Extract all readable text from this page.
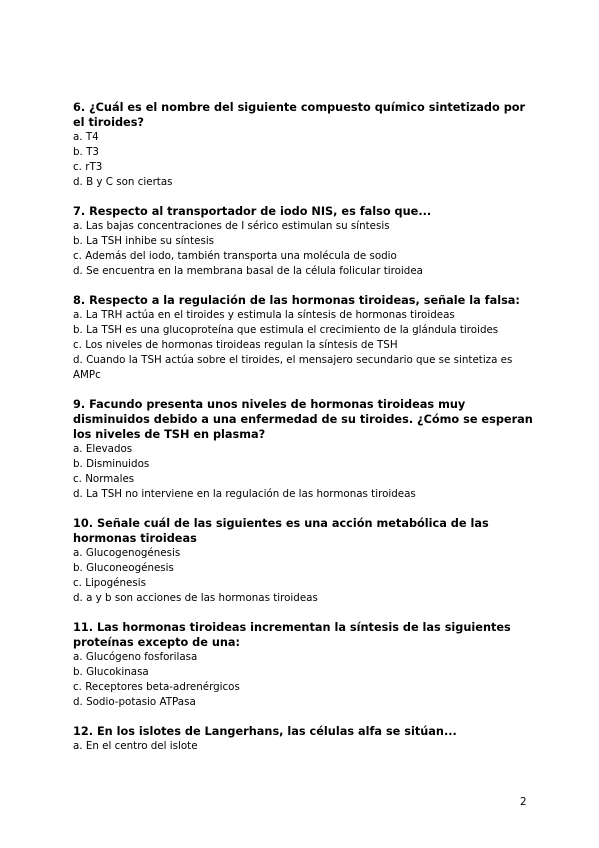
6. ¿Cuál es el nombre del siguiente compuesto químico sintetizado por el tiroides?

a. T4

b. T3

c. rT3

d. B y C son ciertas

7. Respecto al transportador de iodo NIS, es falso que...

a. Las bajas concentraciones de I sérico estimulan su síntesis

b. La TSH inhibe su síntesis

c. Además del iodo, también transporta una molécula de sodio

d. Se encuentra en la membrana basal de la célula folicular tiroidea

8. Respecto a la regulación de las hormonas tiroideas, señale la falsa:

a. La TRH actúa en el tiroides y estimula la síntesis de hormonas tiroideas

b. La TSH es una glucoproteína que estimula el crecimiento de la glándula tiroides

c. Los niveles de hormonas tiroideas regulan la síntesis de TSH

d. Cuando la TSH actúa sobre el tiroides, el mensajero secundario que se sintetiza es AMPc

9. Facundo presenta unos niveles de hormonas tiroideas muy disminuidos debido a una enfermedad de su tiroides. ¿Cómo se esperan los niveles de TSH en plasma?

a. Elevados

b. Disminuidos

c. Normales

d. La TSH no interviene en la regulación de las hormonas tiroideas

10. Señale cuál de las siguientes es una acción metabólica de las hormonas tiroideas

a. Glucogenogénesis

b. Gluconeogénesis

c. Lipogénesis

d. a y b son acciones de las hormonas tiroideas

11. Las hormonas tiroideas incrementan la síntesis de las siguientes proteínas excepto de una:

a. Glucógeno fosforilasa

b. Glucokinasa

c. Receptores beta-adrenérgicos

d. Sodio-potasio ATPasa

12. En los islotes de Langerhans, las células alfa se sitúan...

a. En el centro del islote

2
